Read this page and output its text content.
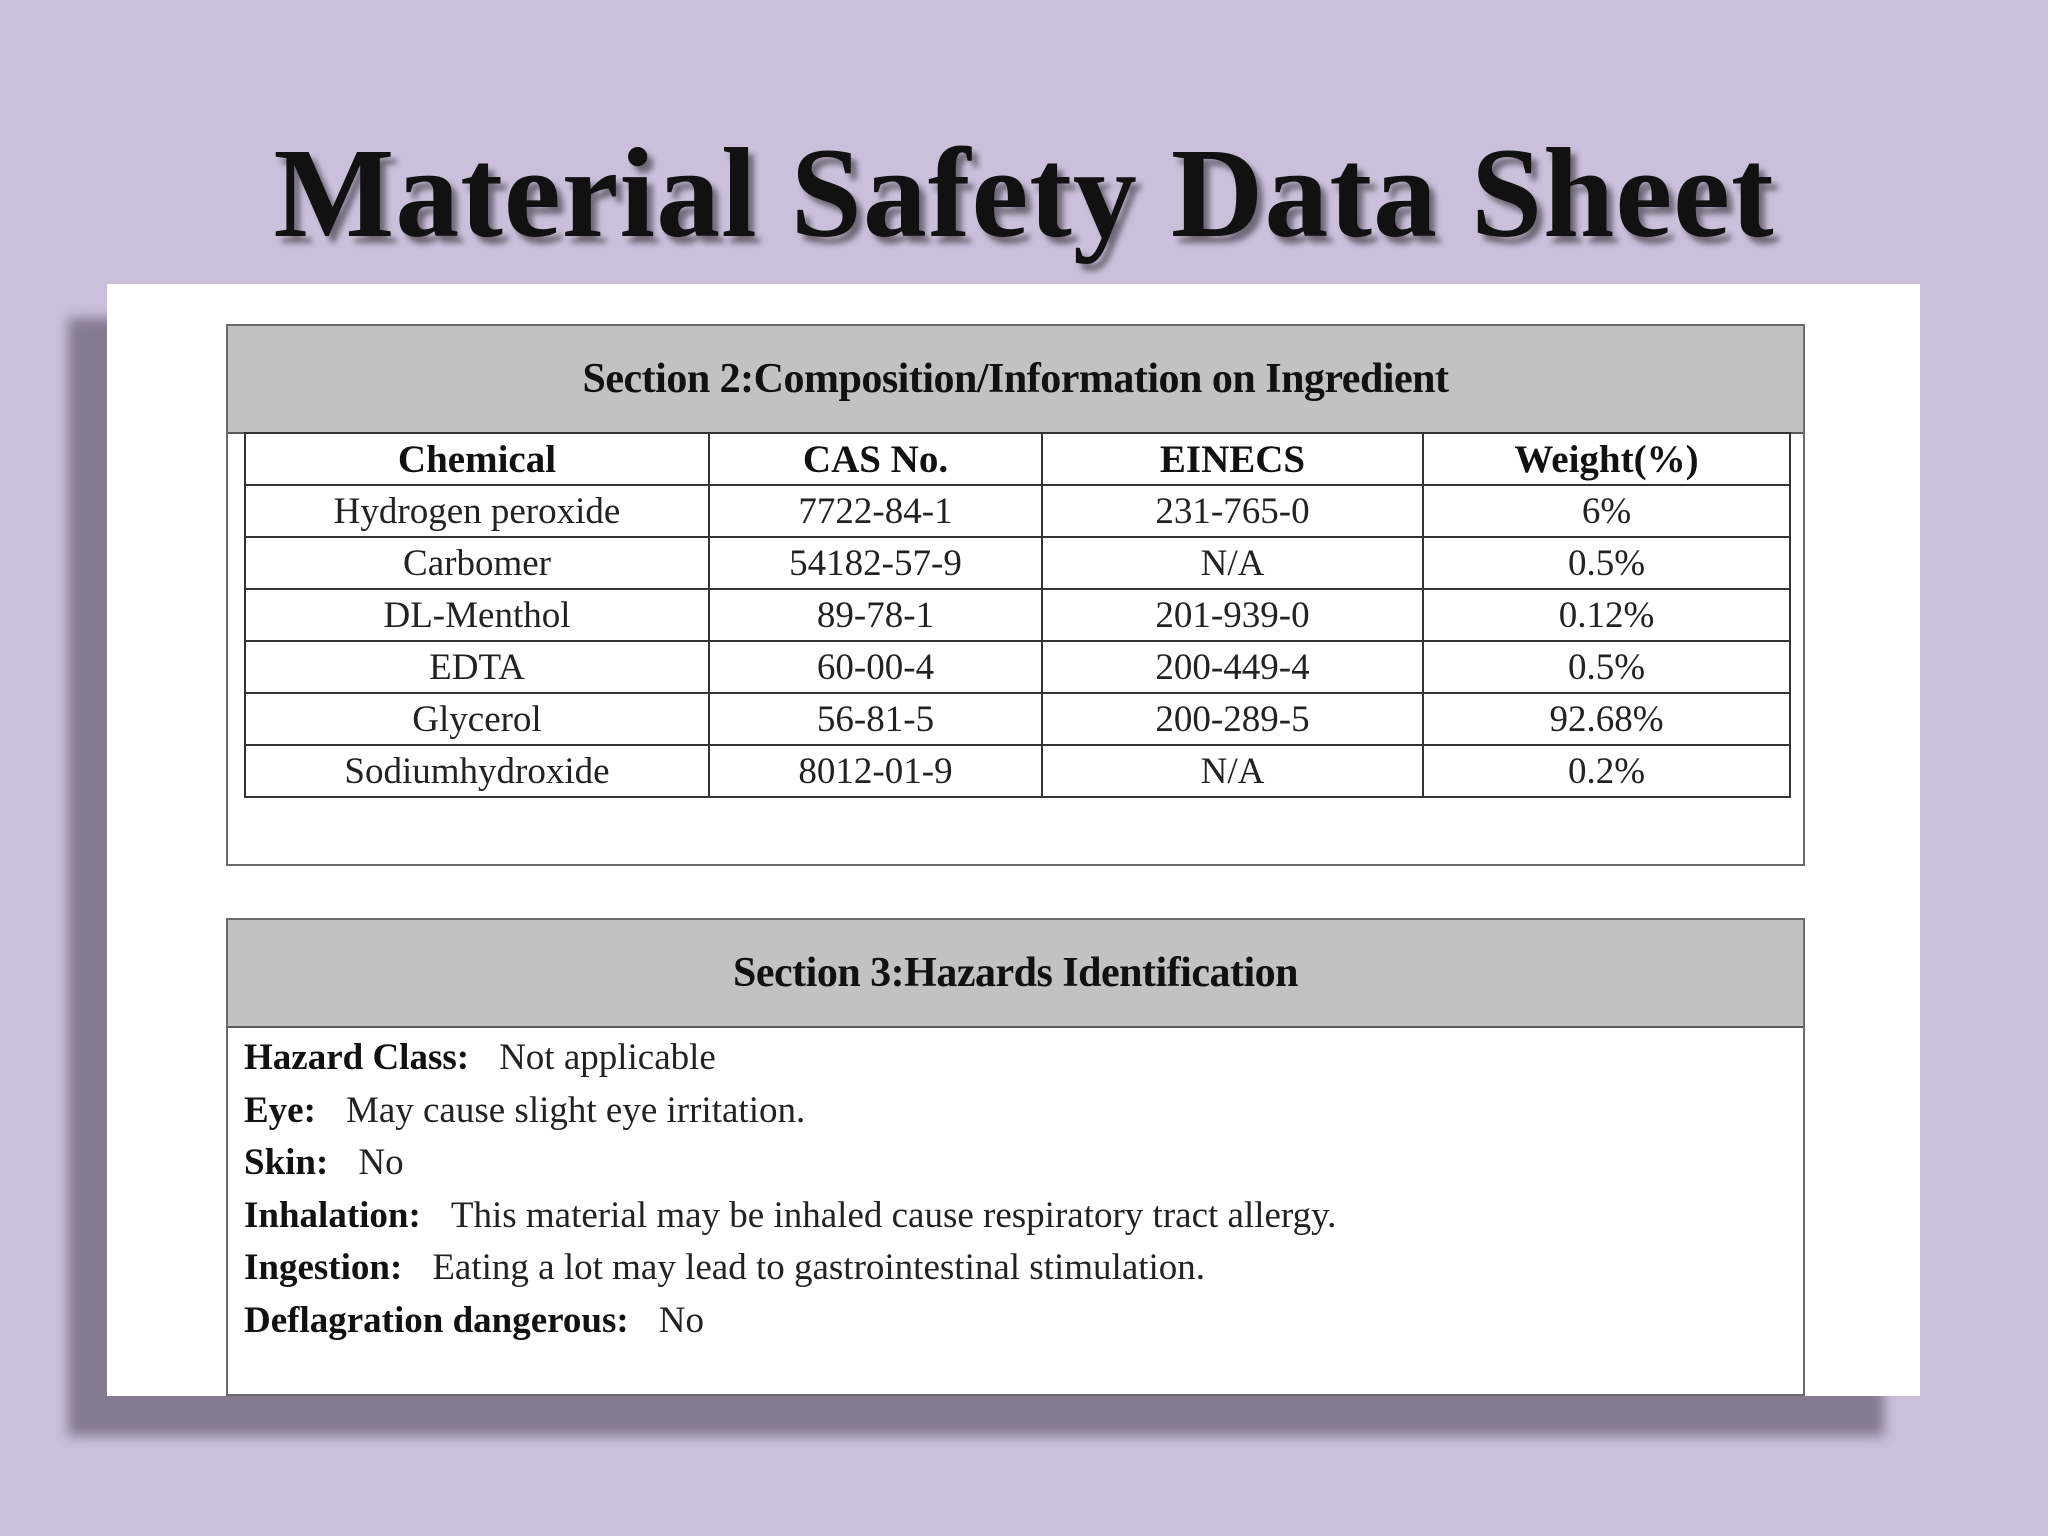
Material Safety Data Sheet
Section 2:Composition/Information on Ingredient
Chemical	CAS No.	EINECS	Weight(%)
Hydrogen peroxide	7722-84-1	231-765-0	6%
Carbomer	54182-57-9	N/A	0.5%
DL-Menthol	89-78-1	201-939-0	0.12%
EDTA	60-00-4	200-449-4	0.5%
Glycerol	56-81-5	200-289-5	92.68%
Sodiumhydroxide	8012-01-9	N/A	0.2%
Section 3:Hazards Identification
Hazard Class: Not applicable
Eye: May cause slight eye irritation.
Skin: No
Inhalation: This material may be inhaled cause respiratory tract allergy.
Ingestion: Eating a lot may lead to gastrointestinal stimulation.
Deflagration dangerous: No
